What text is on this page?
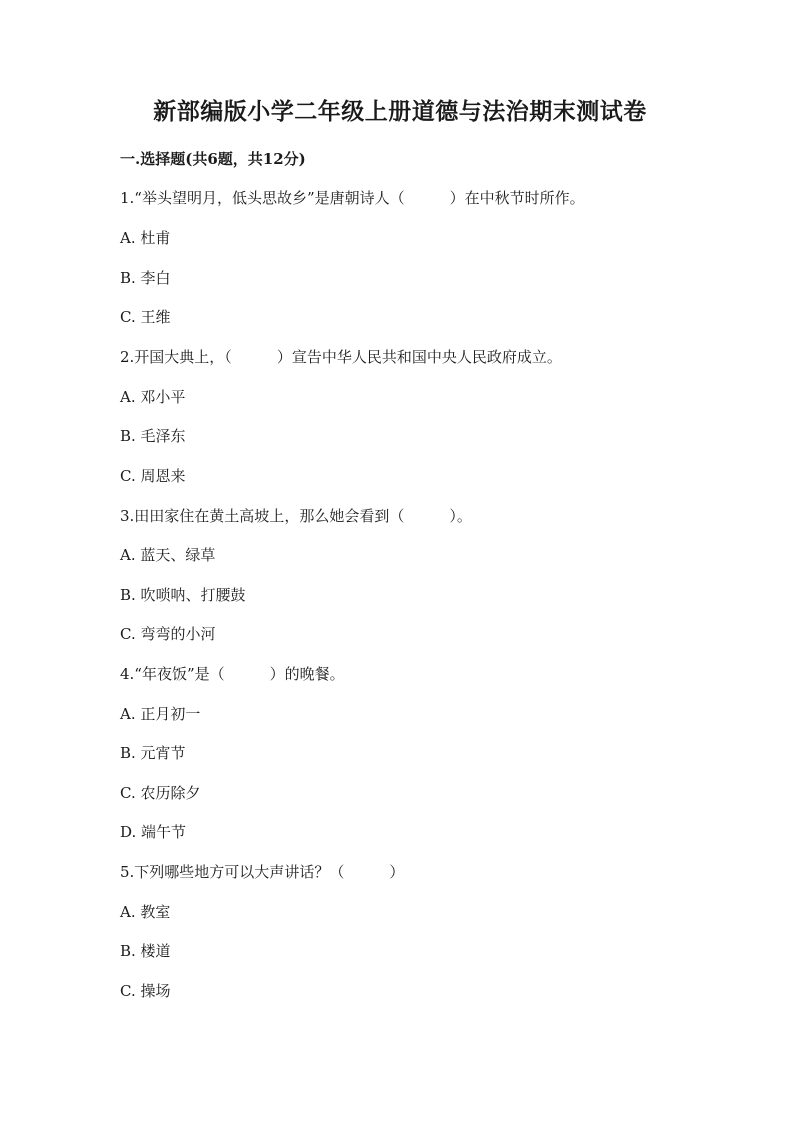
新部编版小学二年级上册道德与法治期末测试卷
一.选择题(共6题，共12分)
1.“举头望明月，低头思故乡”是唐朝诗人（　　　）在中秋节时所作。
A. 杜甫
B. 李白
C. 王维
2.开国大典上，（　　　）宣告中华人民共和国中央人民政府成立。
A. 邓小平
B. 毛泽东
C. 周恩来
3.田田家住在黄土高坡上，那么她会看到（　　　）。
A. 蓝天、绿草
B. 吹唢呐、打腰鼓
C. 弯弯的小河
4.“年夜饭”是（　　　）的晚餐。
A. 正月初一
B. 元宵节
C. 农历除夕
D. 端午节
5.下列哪些地方可以大声讲话？（　　　）
A. 教室
B. 楼道
C. 操场
